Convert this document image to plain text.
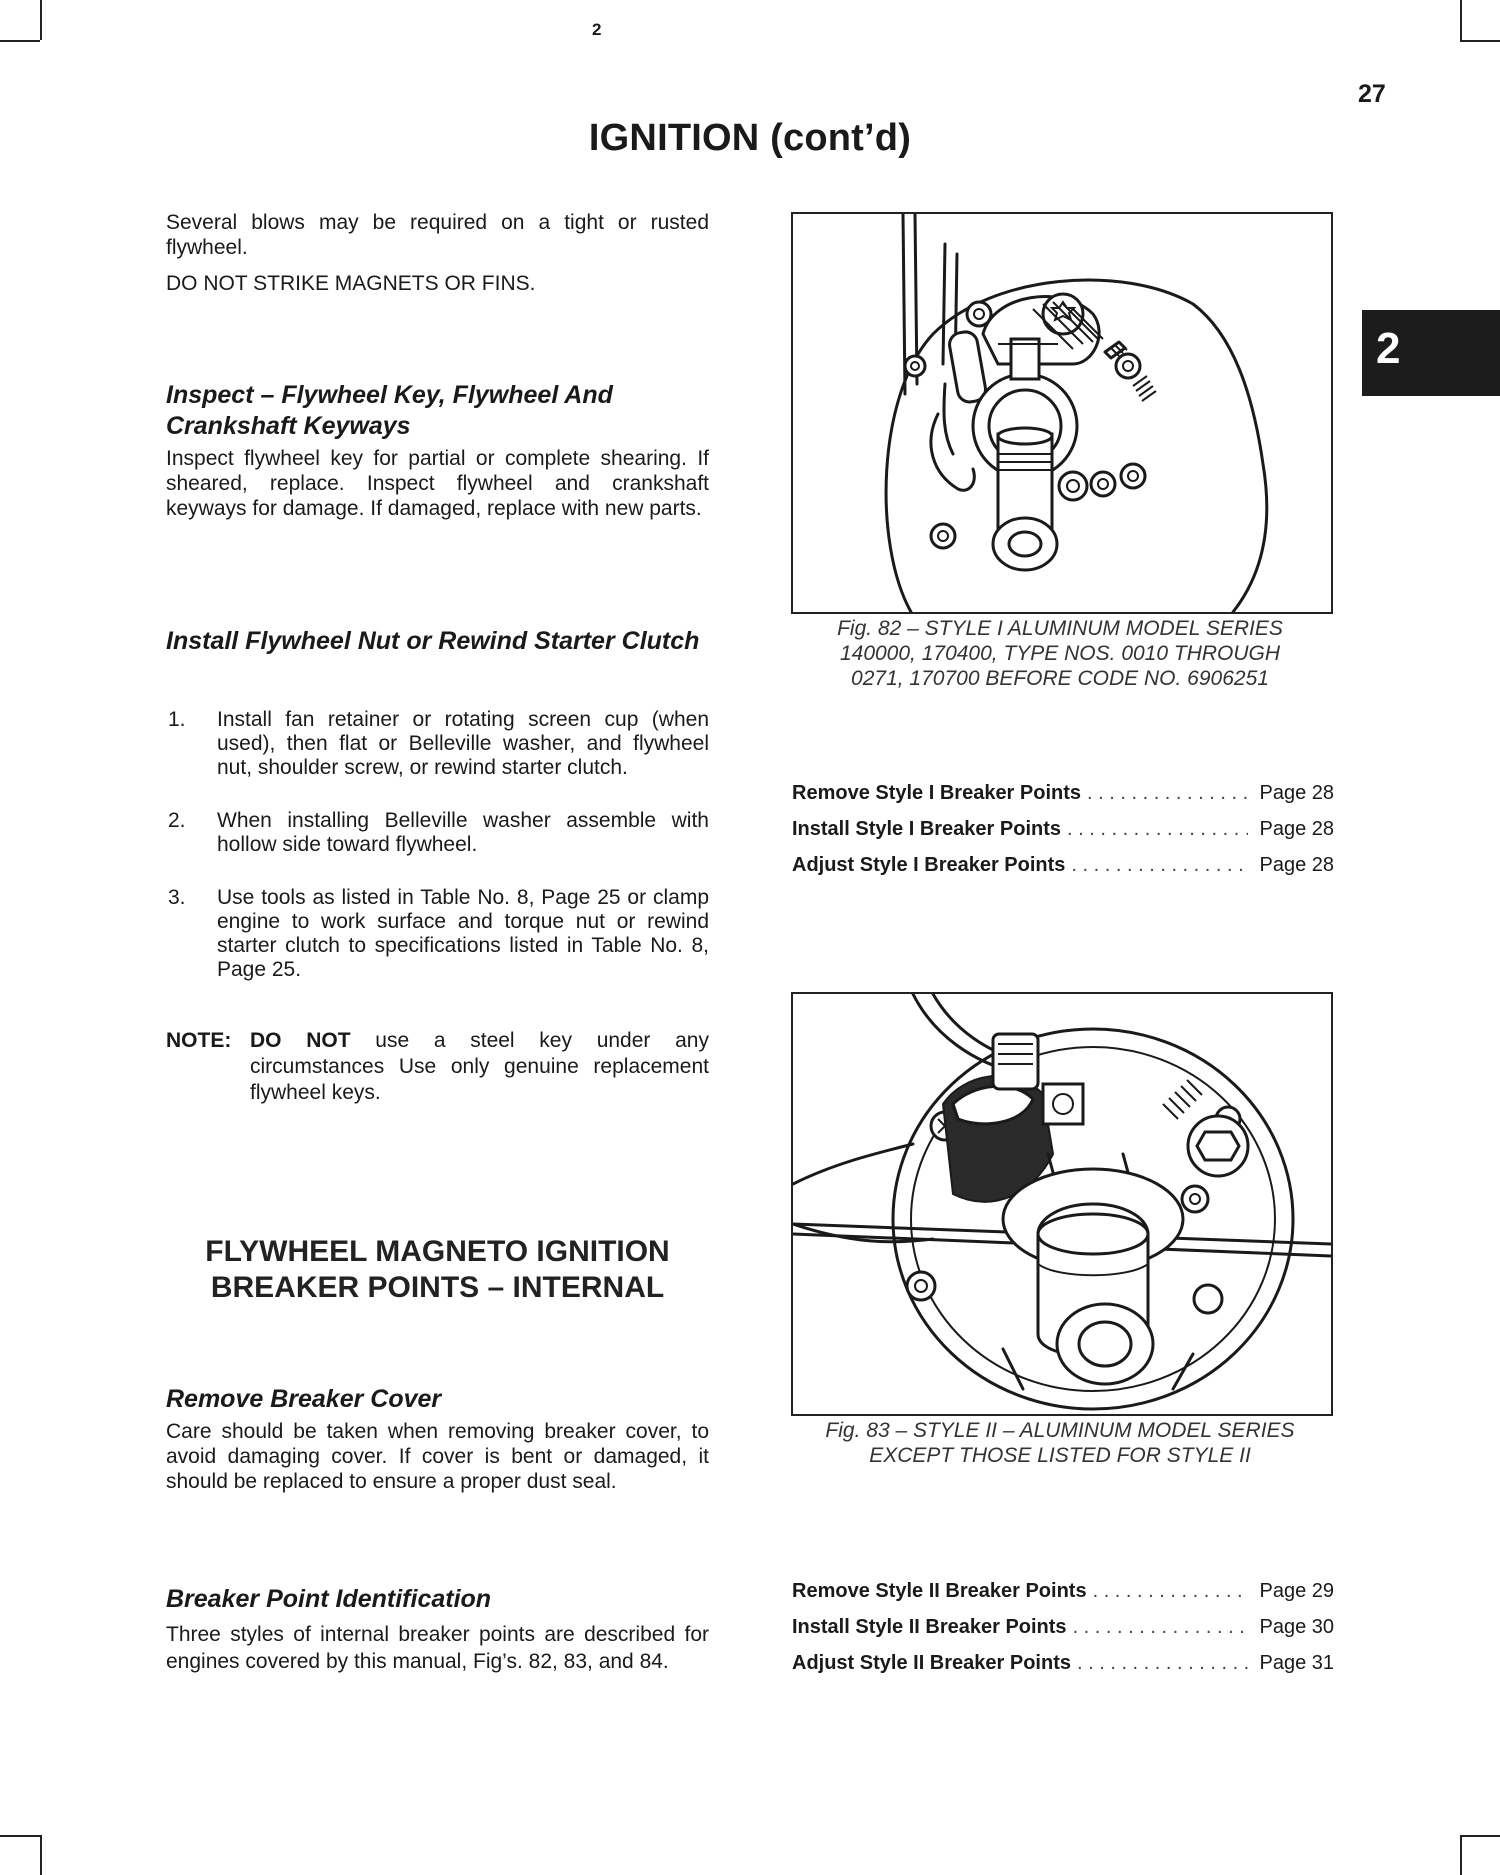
2
27
IGNITION (cont’d)
2

Several blows may be required on a tight or rusted flywheel.

DO NOT STRIKE MAGNETS OR FINS.

Inspect – Flywheel Key, Flywheel And Crankshaft Keyways

Inspect flywheel key for partial or complete shearing. If sheared, replace. Inspect flywheel and crankshaft keyways for damage. If damaged, replace with new parts.

Install Flywheel Nut or Rewind Starter Clutch
1. Install fan retainer or rotating screen cup (when used), then flat or Belleville washer, and flywheel nut, shoulder screw, or rewind starter clutch.
2. When installing Belleville washer assemble with hollow side toward flywheel.
3. Use tools as listed in Table No. 8, Page 25 or clamp engine to work surface and torque nut or rewind starter clutch to specifications listed in Table No. 8, Page 25.
NOTE: DO NOT use a steel key under any circumstances Use only genuine replacement flywheel keys.
FLYWHEEL MAGNETO IGNITION
BREAKER POINTS – INTERNAL
Remove Breaker Cover

Care should be taken when removing breaker cover, to avoid damaging cover. If cover is bent or damaged, it should be replaced to ensure a proper dust seal.

Breaker Point Identification

Three styles of internal breaker points are described for engines covered by this manual, Fig’s. 82, 83, and 84.

Fig. 82 – STYLE I ALUMINUM MODEL SERIES
140000, 170400, TYPE NOS. 0010 THROUGH
0271, 170700 BEFORE CODE NO. 6906251
Remove Style I Breaker Points . . .	Page 28
Install Style I Breaker Points . . .	Page 28
Adjust Style I Breaker Points . . .	Page 28
Fig. 83 – STYLE II – ALUMINUM MODEL SERIES
EXCEPT THOSE LISTED FOR STYLE II
Remove Style II Breaker Points . . .	Page 29
Install Style II Breaker Points . . .	Page 30
Adjust Style II Breaker Points . . .	Page 31
